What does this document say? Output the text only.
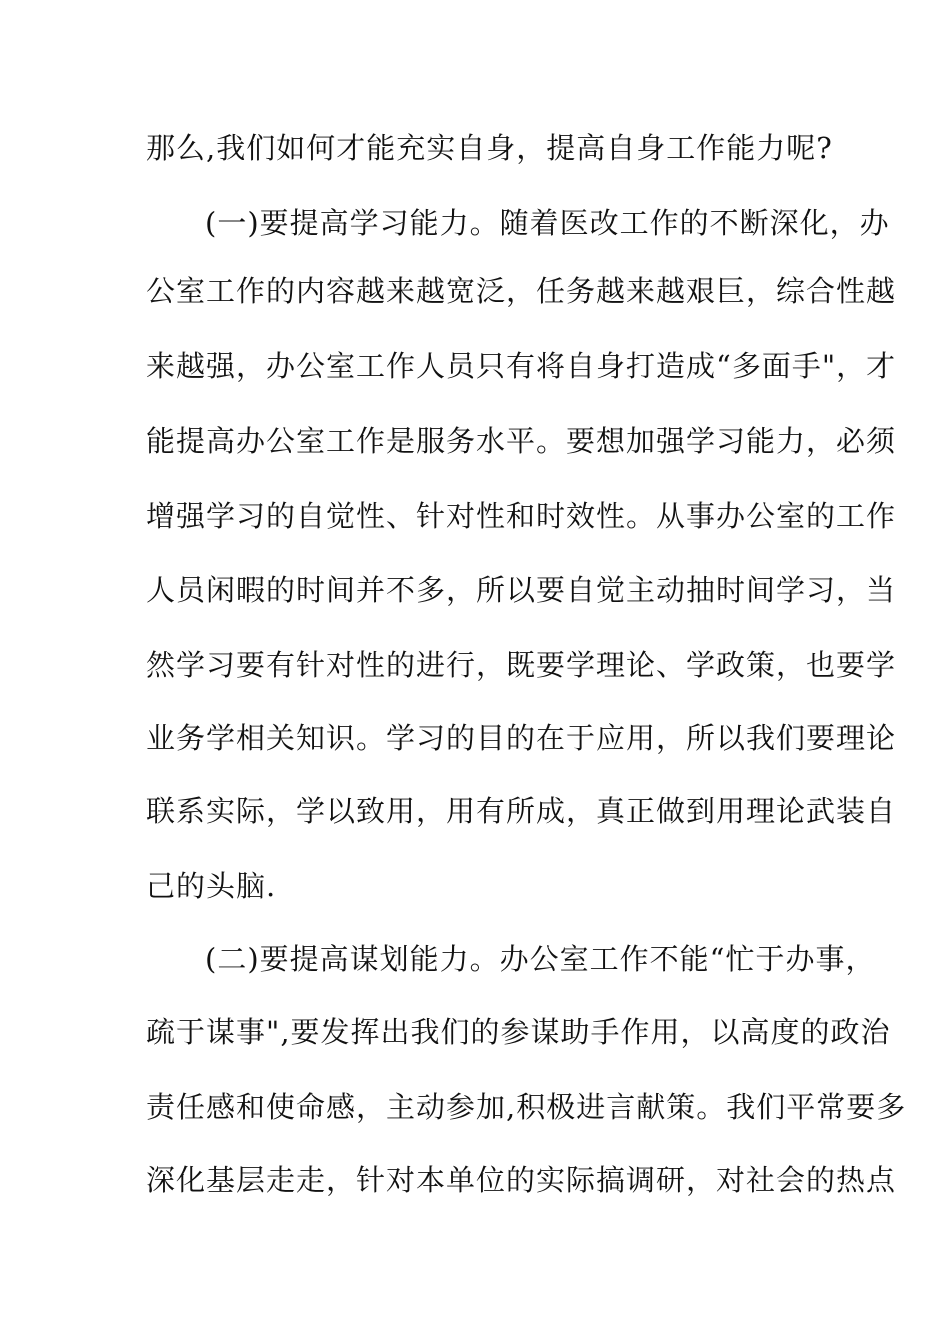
那么,我们如何才能充实自身，提高自身工作能力呢?
(一)要提高学习能力。随着医改工作的不断深化，办
公室工作的内容越来越宽泛，任务越来越艰巨，综合性越
来越强，办公室工作人员只有将自身打造成“多面手"，才
能提高办公室工作是服务水平。要想加强学习能力，必须
增强学习的自觉性、针对性和时效性。从事办公室的工作
人员闲暇的时间并不多，所以要自觉主动抽时间学习，当
然学习要有针对性的进行，既要学理论、学政策，也要学
业务学相关知识。学习的目的在于应用，所以我们要理论
联系实际，学以致用，用有所成，真正做到用理论武装自
己的头脑.
(二)要提高谋划能力。办公室工作不能“忙于办事，
疏于谋事",要发挥出我们的参谋助手作用，以高度的政治
责任感和使命感，主动参加,积极进言献策。我们平常要多
深化基层走走，针对本单位的实际搞调研，对社会的热点
